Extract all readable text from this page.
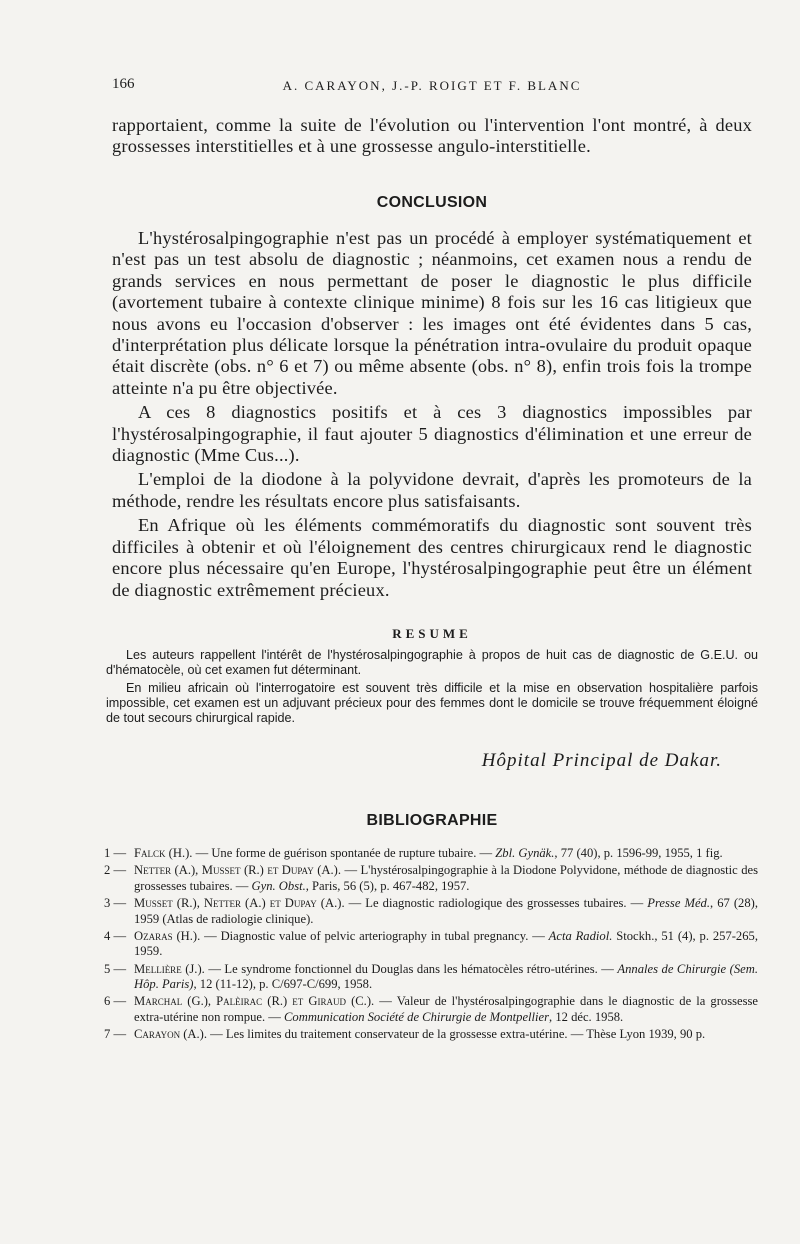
166	A. CARAYON, J.-P. ROIGT ET F. BLANC

rapportaient, comme la suite de l'évolution ou l'intervention l'ont montré, à deux grossesses interstitielles et à une grossesse angulo-interstitielle.

CONCLUSION

L'hystérosalpingographie n'est pas un procédé à employer systématiquement et n'est pas un test absolu de diagnostic ; néanmoins, cet examen nous a rendu de grands services en nous permettant de poser le diagnostic le plus difficile (avortement tubaire à contexte clinique minime) 8 fois sur les 16 cas litigieux que nous avons eu l'occasion d'observer : les images ont été évidentes dans 5 cas, d'interprétation plus délicate lorsque la pénétration intra-ovulaire du produit opaque était discrète (obs. n° 6 et 7) ou même absente (obs. n° 8), enfin trois fois la trompe atteinte n'a pu être objectivée.

A ces 8 diagnostics positifs et à ces 3 diagnostics impossibles par l'hystérosalpingographie, il faut ajouter 5 diagnostics d'élimination et une erreur de diagnostic (Mme Cus...).

L'emploi de la diodone à la polyvidone devrait, d'après les promoteurs de la méthode, rendre les résultats encore plus satisfaisants.

En Afrique où les éléments commémoratifs du diagnostic sont souvent très difficiles à obtenir et où l'éloignement des centres chirurgicaux rend le diagnostic encore plus nécessaire qu'en Europe, l'hystérosalpingographie peut être un élément de diagnostic extrêmement précieux.

RESUME

Les auteurs rappellent l'intérêt de l'hystérosalpingographie à propos de huit cas de diagnostic de G.E.U. ou d'hématocèle, où cet examen fut déterminant.

En milieu africain où l'interrogatoire est souvent très difficile et la mise en observation hospitalière parfois impossible, cet examen est un adjuvant précieux pour des femmes dont le domicile se trouve fréquemment éloigné de tout secours chirurgical rapide.

Hôpital Principal de Dakar.
BIBLIOGRAPHIE
1 — Falck (H.). — Une forme de guérison spontanée de rupture tubaire. — Zbl. Gynäk., 77 (40), p. 1596-99, 1955, 1 fig.
2 — Netter (A.), Musset (R.) et Dupay (A.). — L'hystérosalpingographie à la Diodone Polyvidone, méthode de diagnostic des grossesses tubaires. — Gyn. Obst., Paris, 56 (5), p. 467-482, 1957.
3 — Musset (R.), Netter (A.) et Dupay (A.). — Le diagnostic radiologique des grossesses tubaires. — Presse Méd., 67 (28), 1959 (Atlas de radiologie clinique).
4 — Ozaras (H.). — Diagnostic value of pelvic arteriography in tubal pregnancy. — Acta Radiol. Stockh., 51 (4), p. 257-265, 1959.
5 — Mellière (J.). — Le syndrome fonctionnel du Douglas dans les hématocèles rétro-utérines. — Annales de Chirurgie (Sem. Hôp. Paris), 12 (11-12), p. C/697-C/699, 1958.
6 — Marchal (G.), Palèirac (R.) et Giraud (C.). — Valeur de l'hystérosalpingographie dans le diagnostic de la grossesse extra-utérine non rompue. — Communication Société de Chirurgie de Montpellier, 12 déc. 1958.
7 — Carayon (A.). — Les limites du traitement conservateur de la grossesse extra-utérine. — Thèse Lyon 1939, 90 p.
